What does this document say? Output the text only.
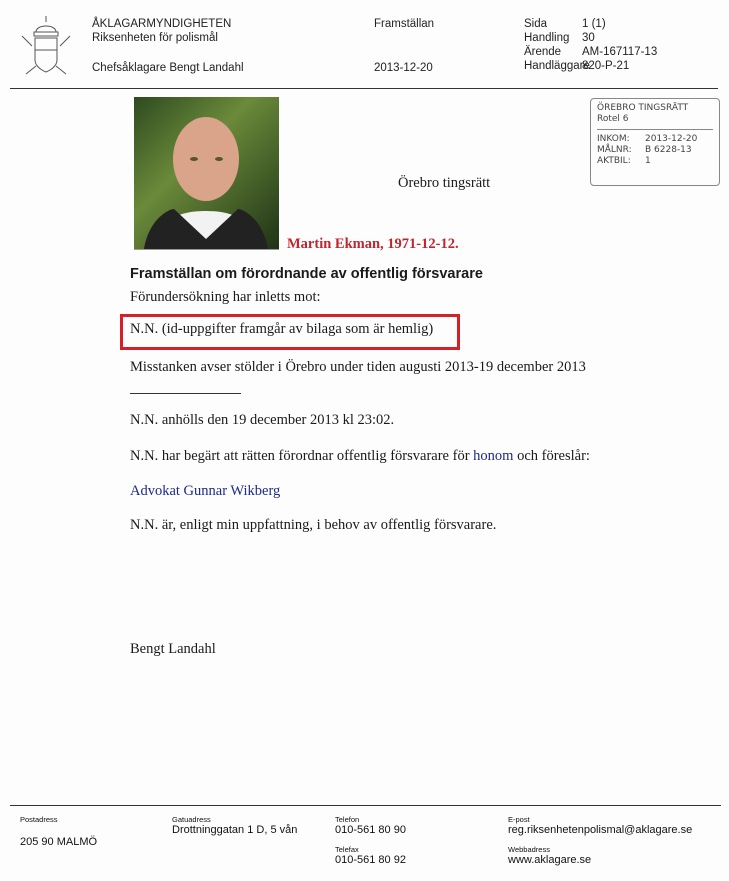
ÅKLAGARMYNDIGHETEN
Riksenheten för polismål
Chefsåklagare Bengt Landahl
Framställan
2013-12-20
Sida	1 (1)
Handling 30
Ärende AM-167117-13
Handläggare820-P-21
Martin Ekman, 1971-12-12.
ÖREBRO TINGSRÄTT
Rotel 6
INKOM: 2013-12-20
MÅLNR: B 6228-13
AKTBIL: 1
Örebro tingsrätt
Framställan om förordnande av offentlig försvarare
Förundersökning har inletts mot:
N.N. (id-uppgifter framgår av bilaga som är hemlig)
Misstanken avser stölder i Örebro under tiden augusti 2013-19 december 2013
N.N. anhölls den 19 december 2013 kl 23:02.
N.N. har begärt att rätten förordnar offentlig försvarare för honom och föreslår:
Advokat Gunnar Wikberg
N.N. är, enligt min uppfattning, i behov av offentlig försvarare.
Bengt Landahl
Postadress
205 90 MALMÖ
Gatuadress
Drottninggatan 1 D, 5 vån
Telefon
010-561 80 90
Telefax
010-561 80 92
E-post
reg.riksenhetenpolismal@aklagare.se
Webbadress
www.aklagare.se
